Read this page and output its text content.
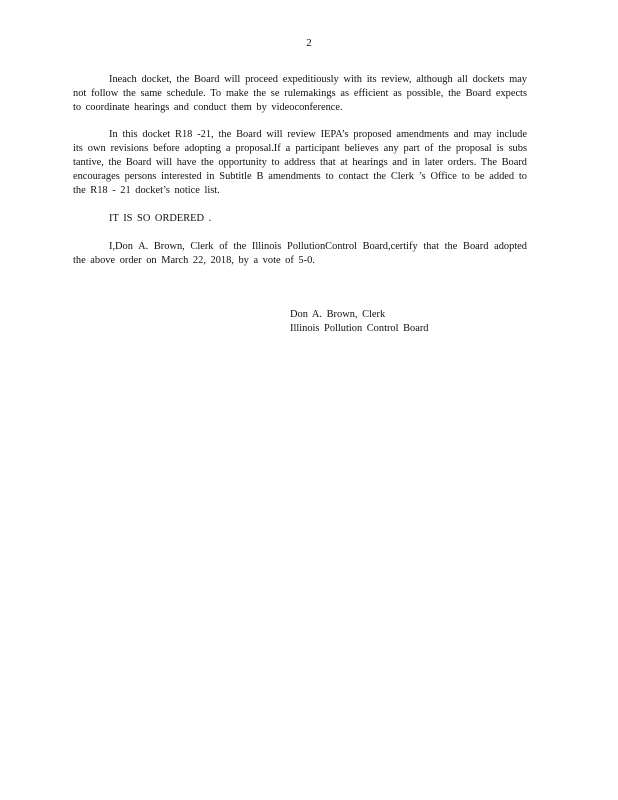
2

Ineach docket, the Board will proceed expeditiously with its review, although all dockets may not follow the same schedule. To make the se rulemakings as efficient as possible, the Board expects to coordinate hearings and conduct them by videoconference.

In this docket R18 -21, the Board will review IEPA’s proposed amendments and may include its own revisions before adopting a proposal.If a participant believes any part of the proposal is subs tantive, the Board will have the opportunity to address that at hearings and in later orders. The Board encourages persons interested in Subtitle B amendments to contact the Clerk ’s Office to be added to the R18 - 21 docket’s notice list.

IT IS SO ORDERED .

I,Don A. Brown, Clerk of the Illinois PollutionControl Board,certify that the Board adopted the above order on March 22, 2018, by a vote of 5-0.

Don A. Brown, Clerk
Illinois Pollution Control Board
